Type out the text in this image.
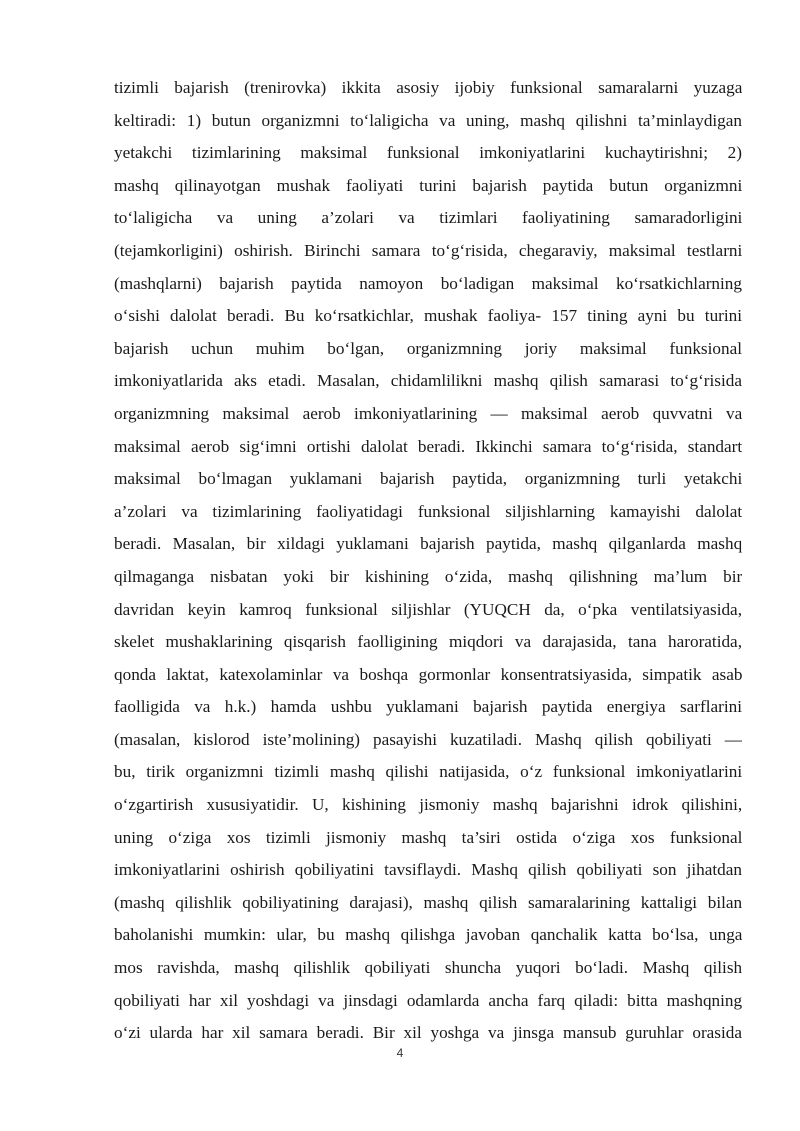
tizimli bajarish (trenirovka) ikkita asosiy ijobiy funksional samaralarni yuzaga
keltiradi: 1) butun organizmni to‘laligicha va uning, mashq qilishni ta’minlaydigan
yetakchi tizimlarining maksimal funksional imkoniyatlarini kuchaytirishni; 2)
mashq qilinayotgan mushak faoliyati turini bajarish paytida butun organizmni
to‘laligicha va uning a’zolari va tizimlari faoliyatining samaradorligini
(tejamkorligini) oshirish. Birinchi samara to‘g‘risida, chegaraviy, maksimal testlarni
(mashqlarni) bajarish paytida namoyon bo‘ladigan maksimal ko‘rsatkichlarning
o‘sishi dalolat beradi. Bu ko‘rsatkichlar, mushak faoliya- 157 tining ayni bu turini
bajarish uchun muhim bo‘lgan, organizmning joriy maksimal funksional
imkoniyatlarida aks etadi. Masalan, chidamlilikni mashq qilish samarasi to‘g‘risida
organizmning maksimal aerob imkoniyatlarining — maksimal aerob quvvatni va
maksimal aerob sig‘imni ortishi dalolat beradi. Ikkinchi samara to‘g‘risida, standart
maksimal bo‘lmagan yuklamani bajarish paytida, organizmning turli yetakchi
a’zolari va tizimlarining faoliyatidagi funksional siljishlarning kamayishi dalolat
beradi. Masalan, bir xildagi yuklamani bajarish paytida, mashq qilganlarda mashq
qilmaganga nisbatan yoki bir kishining o‘zida, mashq qilishning ma’lum bir
davridan keyin kamroq funksional siljishlar (YUQCH da, o‘pka ventilatsiyasida,
skelet mushaklarining qisqarish faolligining miqdori va darajasida, tana haroratida,
qonda laktat, katexolaminlar va boshqa gormonlar konsentratsiyasida, simpatik asab
faolligida va h.k.) hamda ushbu yuklamani bajarish paytida energiya sarflarini
(masalan, kislorod iste’molining) pasayishi kuzatiladi. Mashq qilish qobiliyati —
bu, tirik organizmni tizimli mashq qilishi natijasida, o‘z funksional imkoniyatlarini
o‘zgartirish xususiyatidir. U, kishining jismoniy mashq bajarishni idrok qilishini,
uning o‘ziga xos tizimli jismoniy mashq ta’siri ostida o‘ziga xos funksional
imkoniyatlarini oshirish qobiliyatini tavsiflaydi. Mashq qilish qobiliyati son jihatdan
(mashq qilishlik qobiliyatining darajasi), mashq qilish samaralarining kattaligi bilan
baholanishi mumkin: ular, bu mashq qilishga javoban qanchalik katta bo‘lsa, unga
mos ravishda, mashq qilishlik qobiliyati shuncha yuqori bo‘ladi. Mashq qilish
qobiliyati har xil yoshdagi va jinsdagi odamlarda ancha farq qiladi: bitta mashqning
o‘zi ularda har xil samara beradi. Bir xil yoshga va jinsga mansub guruhlar orasida
4
